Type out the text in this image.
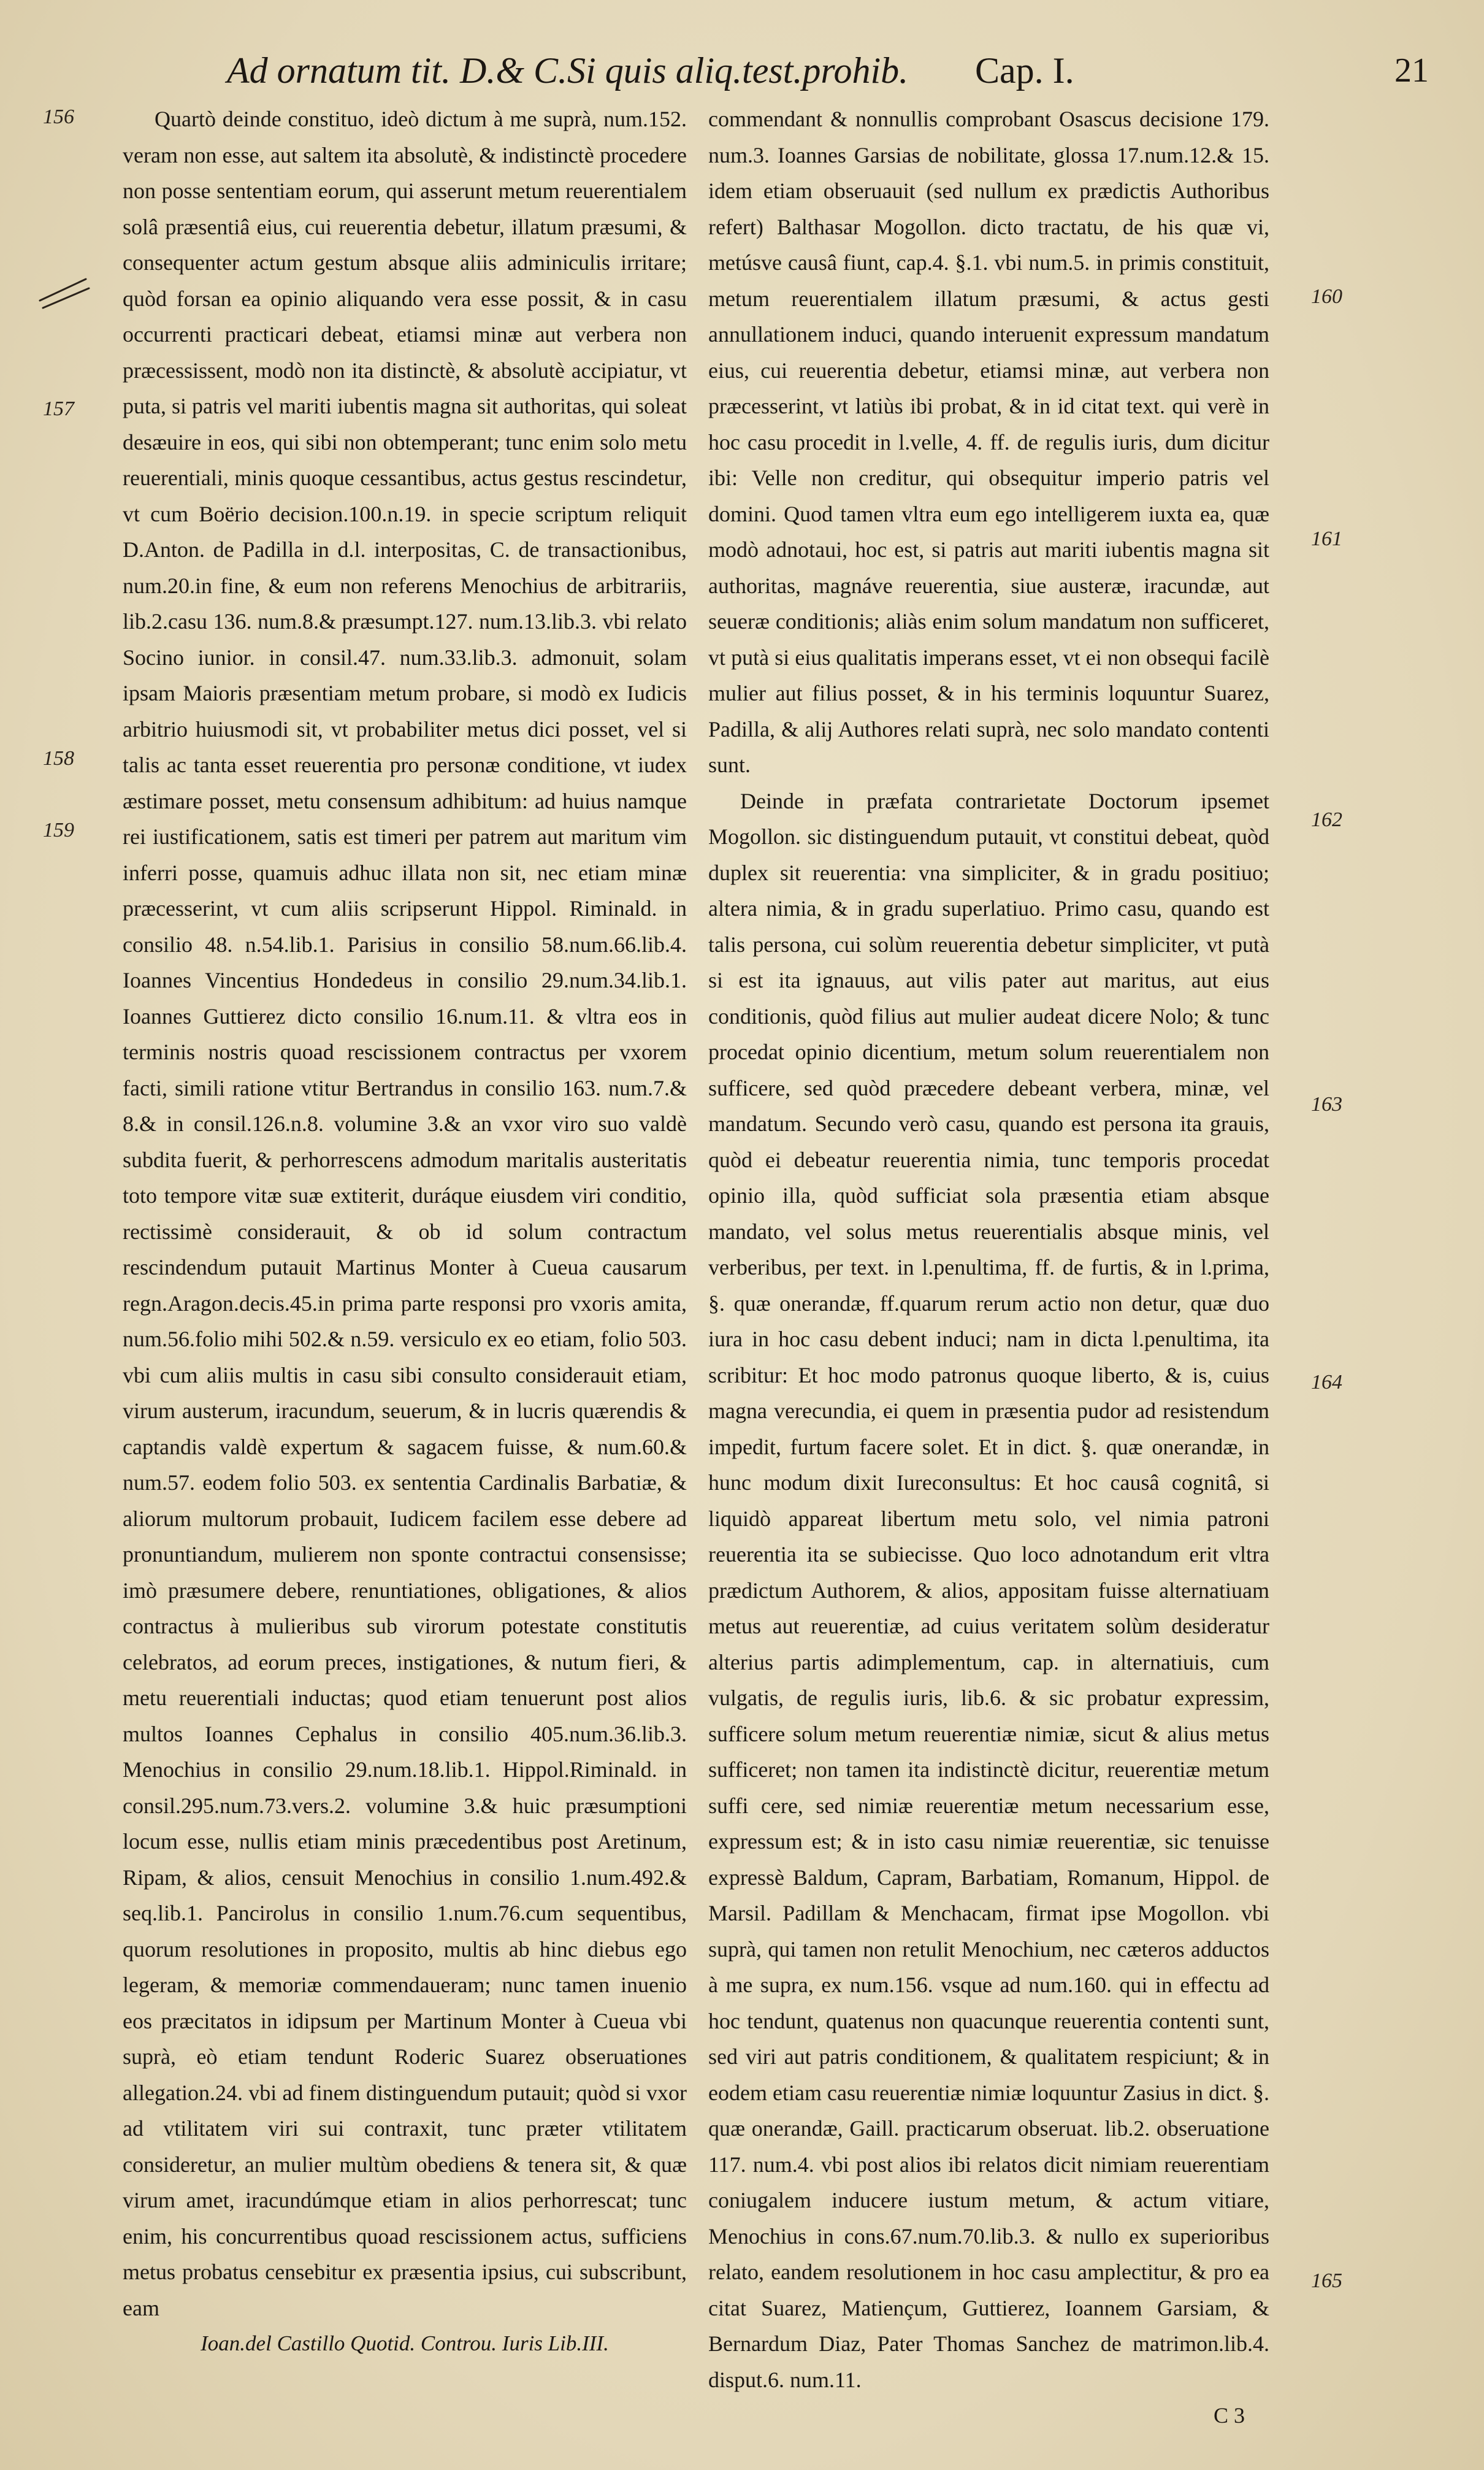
Ad ornatum tit. D.& C.Si quis aliq.test.prohib. Cap. I.	21
156
157
158
159
160
161
162
163
164
165

Quartò deinde constituo, ideò dictum à me suprà, num.152. veram non esse, aut saltem ita absolutè, & indistinctè procedere non posse sententiam eorum, qui asserunt metum reuerentialem solâ præsentiâ eius, cui reuerentia debetur, illatum præsumi, & consequenter actum gestum absque aliis adminiculis irritare; quòd forsan ea opinio aliquando vera esse possit, & in casu occurrenti practicari debeat, etiamsi minæ aut verbera non præcessissent, modò non ita distinctè, & absolutè accipiatur, vt puta, si patris vel mariti iubentis magna sit authoritas, qui soleat desæuire in eos, qui sibi non obtemperant; tunc enim solo metu reuerentiali, minis quoque cessantibus, actus gestus rescindetur, vt cum Boërio decision.100.n.19. in specie scriptum reliquit D.Anton. de Padilla in d.l. interpositas, C. de transactionibus, num.20.in fine, & eum non referens Menochius de arbitrariis, lib.2.casu 136. num.8.& præsumpt.127. num.13.lib.3. vbi relato Socino iunior. in consil.47. num.33.lib.3. admonuit, solam ipsam Maioris præsentiam metum probare, si modò ex Iudicis arbitrio huiusmodi sit, vt probabiliter metus dici posset, vel si talis ac tanta esset reuerentia pro personæ conditione, vt iudex æstimare posset, metu consensum adhibitum: ad huius namque rei iustificationem, satis est timeri per patrem aut maritum vim inferri posse, quamuis adhuc illata non sit, nec etiam minæ præcesserint, vt cum aliis scripserunt Hippol. Riminald. in consilio 48. n.54.lib.1. Parisius in consilio 58.num.66.lib.4. Ioannes Vincentius Hondedeus in consilio 29.num.34.lib.1. Ioannes Guttierez dicto consilio 16.num.11. & vltra eos in terminis nostris quoad rescissionem contractus per vxorem facti, simili ratione vtitur Bertrandus in consilio 163. num.7.& 8.& in consil.126.n.8. volumine 3.& an vxor viro suo valdè subdita fuerit, & perhorrescens admodum maritalis austeritatis toto tempore vitæ suæ extiterit, duráque eiusdem viri conditio, rectissimè considerauit, & ob id solum contractum rescindendum putauit Martinus Monter à Cueua causarum regn.Aragon.decis.45.in prima parte responsi pro vxoris amita, num.56.folio mihi 502.& n.59. versiculo ex eo etiam, folio 503. vbi cum aliis multis in casu sibi consulto considerauit etiam, virum austerum, iracundum, seuerum, & in lucris quærendis & captandis valdè expertum & sagacem fuisse, & num.60.& num.57. eodem folio 503. ex sententia Cardinalis Barbatiæ, & aliorum multorum probauit, Iudicem facilem esse debere ad pronuntiandum, mulierem non sponte contractui consensisse; imò præsumere debere, renuntiationes, obligationes, & alios contractus à mulieribus sub virorum potestate constitutis celebratos, ad eorum preces, instigationes, & nutum fieri, & metu reuerentiali inductas; quod etiam tenuerunt post alios multos Ioannes Cephalus in consilio 405.num.36.lib.3. Menochius in consilio 29.num.18.lib.1. Hippol.Riminald. in consil.295.num.73.vers.2. volumine 3.& huic præsumptioni locum esse, nullis etiam minis præcedentibus post Aretinum, Ripam, & alios, censuit Menochius in consilio 1.num.492.& seq.lib.1. Pancirolus in consilio 1.num.76.cum sequentibus, quorum resolutiones in proposito, multis ab hinc diebus ego legeram, & memoriæ commendaueram; nunc tamen inuenio eos præcitatos in idipsum per Martinum Monter à Cueua vbi suprà, eò etiam tendunt Roderic Suarez obseruationes allegation.24. vbi ad finem distinguendum putauit; quòd si vxor ad vtilitatem viri sui contraxit, tunc præter vtilitatem consideretur, an mulier multùm obediens & tenera sit, & quæ virum amet, iracundúmque etiam in alios perhorrescat; tunc enim, his concurrentibus quoad rescissionem actus, sufficiens metus probatus censebitur ex præsentia ipsius, cui subscribunt, eam

Ioan.del Castillo Quotid. Controu. Iuris Lib.III.

commendant & nonnullis comprobant Osascus decisione 179. num.3. Ioannes Garsias de nobilitate, glossa 17.num.12.& 15. idem etiam obseruauit (sed nullum ex prædictis Authoribus refert) Balthasar Mogollon. dicto tractatu, de his quæ vi, metúsve causâ fiunt, cap.4. §.1. vbi num.5. in primis constituit, metum reuerentialem illatum præsumi, & actus gesti annullationem induci, quando interuenit expressum mandatum eius, cui reuerentia debetur, etiamsi minæ, aut verbera non præcesserint, vt latiùs ibi probat, & in id citat text. qui verè in hoc casu procedit in l.velle, 4. ff. de regulis iuris, dum dicitur ibi: Velle non creditur, qui obsequitur imperio patris vel domini. Quod tamen vltra eum ego intelligerem iuxta ea, quæ modò adnotaui, hoc est, si patris aut mariti iubentis magna sit authoritas, magnáve reuerentia, siue austeræ, iracundæ, aut seueræ conditionis; aliàs enim solum mandatum non sufficeret, vt putà si eius qualitatis imperans esset, vt ei non obsequi facilè mulier aut filius posset, & in his terminis loquuntur Suarez, Padilla, & alij Authores relati suprà, nec solo mandato contenti sunt.

Deinde in præfata contrarietate Doctorum ipsemet Mogollon. sic distinguendum putauit, vt constitui debeat, quòd duplex sit reuerentia: vna simpliciter, & in gradu positiuo; altera nimia, & in gradu superlatiuo. Primo casu, quando est talis persona, cui solùm reuerentia debetur simpliciter, vt putà si est ita ignauus, aut vilis pater aut maritus, aut eius conditionis, quòd filius aut mulier audeat dicere Nolo; & tunc procedat opinio dicentium, metum solum reuerentialem non sufficere, sed quòd præcedere debeant verbera, minæ, vel mandatum. Secundo verò casu, quando est persona ita grauis, quòd ei debeatur reuerentia nimia, tunc temporis procedat opinio illa, quòd sufficiat sola præsentia etiam absque mandato, vel solus metus reuerentialis absque minis, vel verberibus, per text. in l.penultima, ff. de furtis, & in l.prima, §. quæ onerandæ, ff.quarum rerum actio non detur, quæ duo iura in hoc casu debent induci; nam in dicta l.penultima, ita scribitur: Et hoc modo patronus quoque liberto, & is, cuius magna verecundia, ei quem in præsentia pudor ad resistendum impedit, furtum facere solet. Et in dict. §. quæ onerandæ, in hunc modum dixit Iureconsultus: Et hoc causâ cognitâ, si liquidò appareat libertum metu solo, vel nimia patroni reuerentia ita se subiecisse. Quo loco adnotandum erit vltra prædictum Authorem, & alios, appositam fuisse alternatiuam metus aut reuerentiæ, ad cuius veritatem solùm desideratur alterius partis adimplementum, cap. in alternatiuis, cum vulgatis, de regulis iuris, lib.6. & sic probatur expressim, sufficere solum metum reuerentiæ nimiæ, sicut & alius metus sufficeret; non tamen ita indistinctè dicitur, reuerentiæ metum suffi cere, sed nimiæ reuerentiæ metum necessarium esse, expressum est; & in isto casu nimiæ reuerentiæ, sic tenuisse expressè Baldum, Capram, Barbatiam, Romanum, Hippol. de Marsil. Padillam & Menchacam, firmat ipse Mogollon. vbi suprà, qui tamen non retulit Menochium, nec cæteros adductos à me supra, ex num.156. vsque ad num.160. qui in effectu ad hoc tendunt, quatenus non quacunque reuerentia contenti sunt, sed viri aut patris conditionem, & qualitatem respiciunt; & in eodem etiam casu reuerentiæ nimiæ loquuntur Zasius in dict. §. quæ onerandæ, Gaill. practicarum obseruat. lib.2. obseruatione 117. num.4. vbi post alios ibi relatos dicit nimiam reuerentiam coniugalem inducere iustum metum, & actum vitiare, Menochius in cons.67.num.70.lib.3. & nullo ex superioribus relato, eandem resolutionem in hoc casu amplectitur, & pro ea citat Suarez, Matiençum, Guttierez, Ioannem Garsiam, & Bernardum Diaz, Pater Thomas Sanchez de matrimon.lib.4. disput.6. num.11.

C 3
